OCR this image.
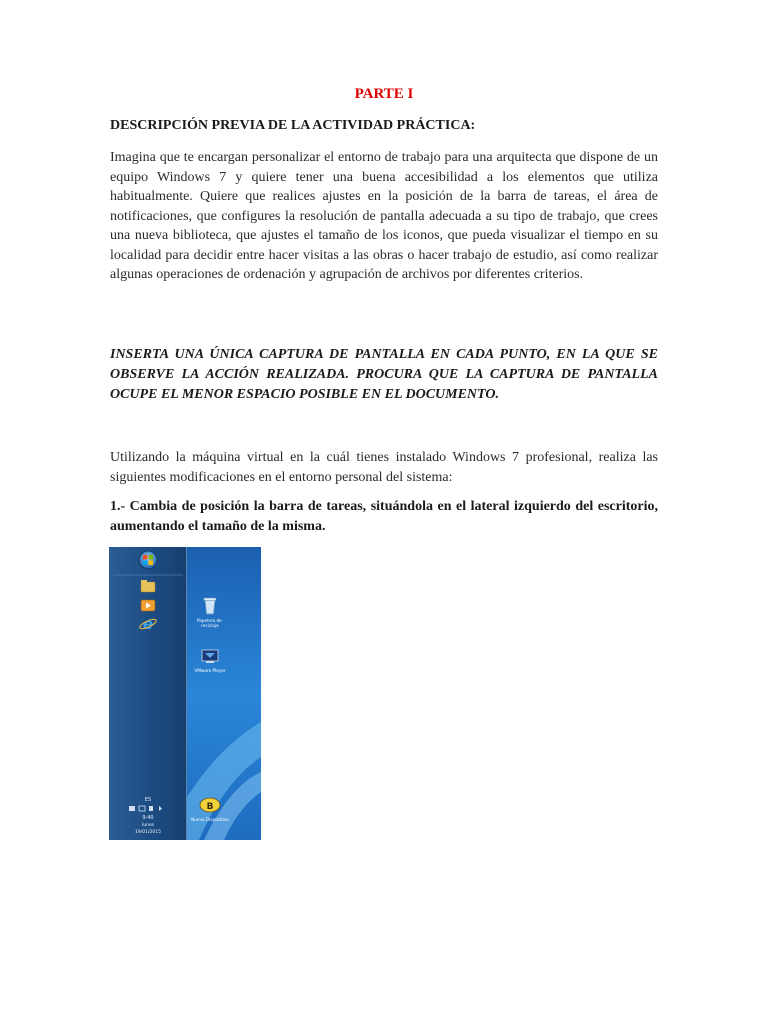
PARTE I
DESCRIPCIÓN PREVIA DE LA ACTIVIDAD PRÁCTICA:
Imagina que te encargan personalizar el entorno de trabajo para una arquitecta que dispone de un equipo Windows 7 y quiere tener una buena accesibilidad a los elementos que utiliza habitualmente. Quiere que realices ajustes en la posición de la barra de tareas, el área de notificaciones, que configures la resolución de pantalla adecuada a su tipo de trabajo, que crees una nueva biblioteca, que ajustes el tamaño de los iconos, que pueda visualizar el tiempo en su localidad para decidir entre hacer visitas a las obras o hacer trabajo de estudio, así como realizar algunas operaciones de ordenación y agrupación de archivos por diferentes criterios.
INSERTA UNA ÚNICA CAPTURA DE PANTALLA EN CADA PUNTO, EN LA QUE SE OBSERVE LA ACCIÓN REALIZADA. PROCURA QUE LA CAPTURA DE PANTALLA OCUPE EL MENOR ESPACIO POSIBLE EN EL DOCUMENTO.
Utilizando la máquina virtual en la cuál tienes instalado Windows 7 profesional, realiza las siguientes modificaciones en el entorno personal del sistema:
1.- Cambia de posición la barra de tareas, situándola en el lateral izquierdo del escritorio, aumentando el tamaño de la misma.
e
ES
9:40
lunes
19/01/2015
Papelera de reciclaje
VMware Player
B
Nuevo Dispositivo
